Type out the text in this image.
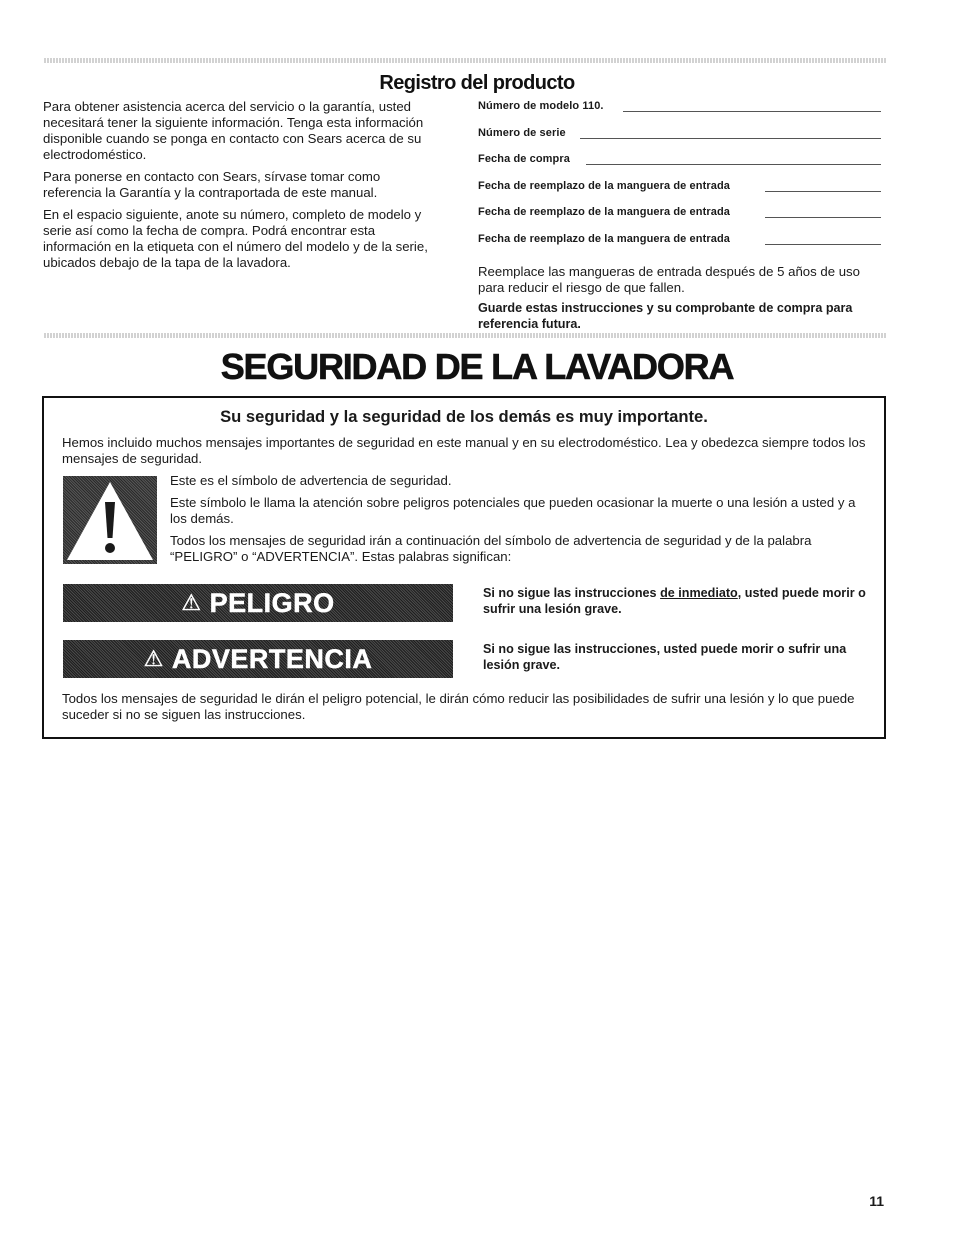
Registro del producto

Para obtener asistencia acerca del servicio o la garantía, usted necesitará tener la siguiente información. Tenga esta información disponible cuando se ponga en contacto con Sears acerca de su electrodoméstico.

Para ponerse en contacto con Sears, sírvase tomar como referencia la Garantía y la contraportada de este manual.

En el espacio siguiente, anote su número, completo de modelo y serie así como la fecha de compra. Podrá encontrar esta información en la etiqueta con el número del modelo y de la serie, ubicados debajo de la tapa de la lavadora.

Número de modelo 110.
Número de serie
Fecha de compra
Fecha de reemplazo de la manguera de entrada
Fecha de reemplazo de la manguera de entrada
Fecha de reemplazo de la manguera de entrada

Reemplace las mangueras de entrada después de 5 años de uso para reducir el riesgo de que fallen.

Guarde estas instrucciones y su comprobante de compra para referencia futura.

SEGURIDAD DE LA LAVADORA
Su seguridad y la seguridad de los demás es muy importante.
Hemos incluido muchos mensajes importantes de seguridad en este manual y en su electrodoméstico. Lea y obedezca siempre todos los mensajes de seguridad.

Este es el símbolo de advertencia de seguridad.

Este símbolo le llama la atención sobre peligros potenciales que pueden ocasionar la muerte o una lesión a usted y a los demás.

Todos los mensajes de seguridad irán a continuación del símbolo de advertencia de seguridad y de la palabra “PELIGRO” o “ADVERTENCIA”. Estas palabras significan:

⚠ PELIGRO	Si no sigue las instrucciones de inmediato, usted puede morir o sufrir una lesión grave.
⚠ ADVERTENCIA	Si no sigue las instrucciones, usted puede morir o sufrir una lesión grave.
Todos los mensajes de seguridad le dirán el peligro potencial, le dirán cómo reducir las posibilidades de sufrir una lesión y lo que puede suceder si no se siguen las instrucciones.
11
